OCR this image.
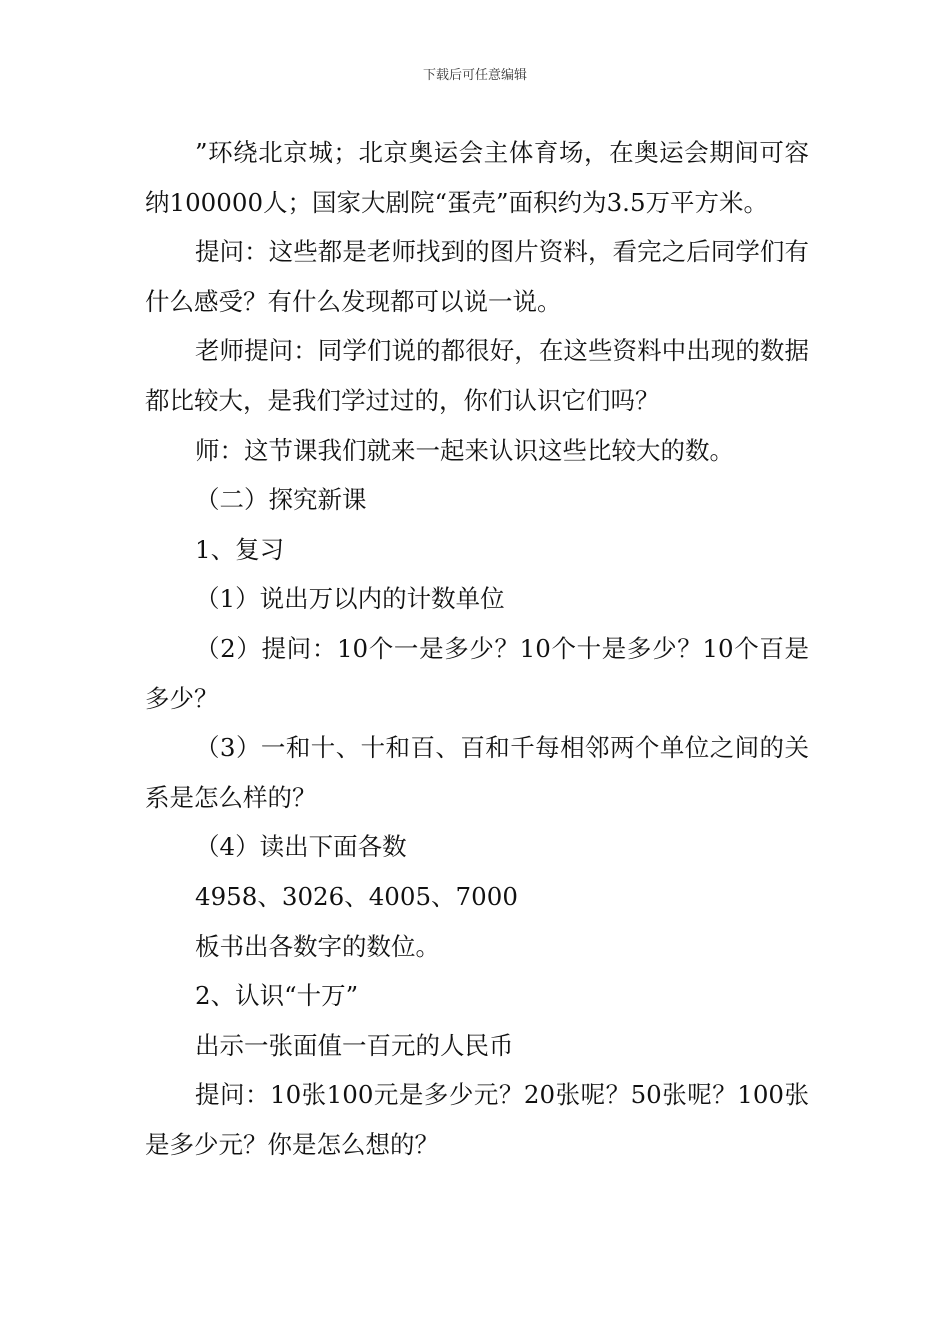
下载后可任意编辑

”环绕北京城；北京奥运会主体育场，在奥运会期间可容纳100000人；国家大剧院“蛋壳”面积约为3.5万平方米。

提问：这些都是老师找到的图片资料，看完之后同学们有什么感受？有什么发现都可以说一说。

老师提问：同学们说的都很好，在这些资料中出现的数据都比较大，是我们学过过的，你们认识它们吗？

师：这节课我们就来一起来认识这些比较大的数。

（二）探究新课

1、复习

（1）说出万以内的计数单位

（2）提问：10个一是多少？10个十是多少？10个百是多少？

（3）一和十、十和百、百和千每相邻两个单位之间的关系是怎么样的？

（4）读出下面各数

4958、3026、4005、7000

板书出各数字的数位。

2、认识“十万”

出示一张面值一百元的人民币

提问：10张100元是多少元？20张呢？50张呢？100张是多少元？你是怎么想的？
